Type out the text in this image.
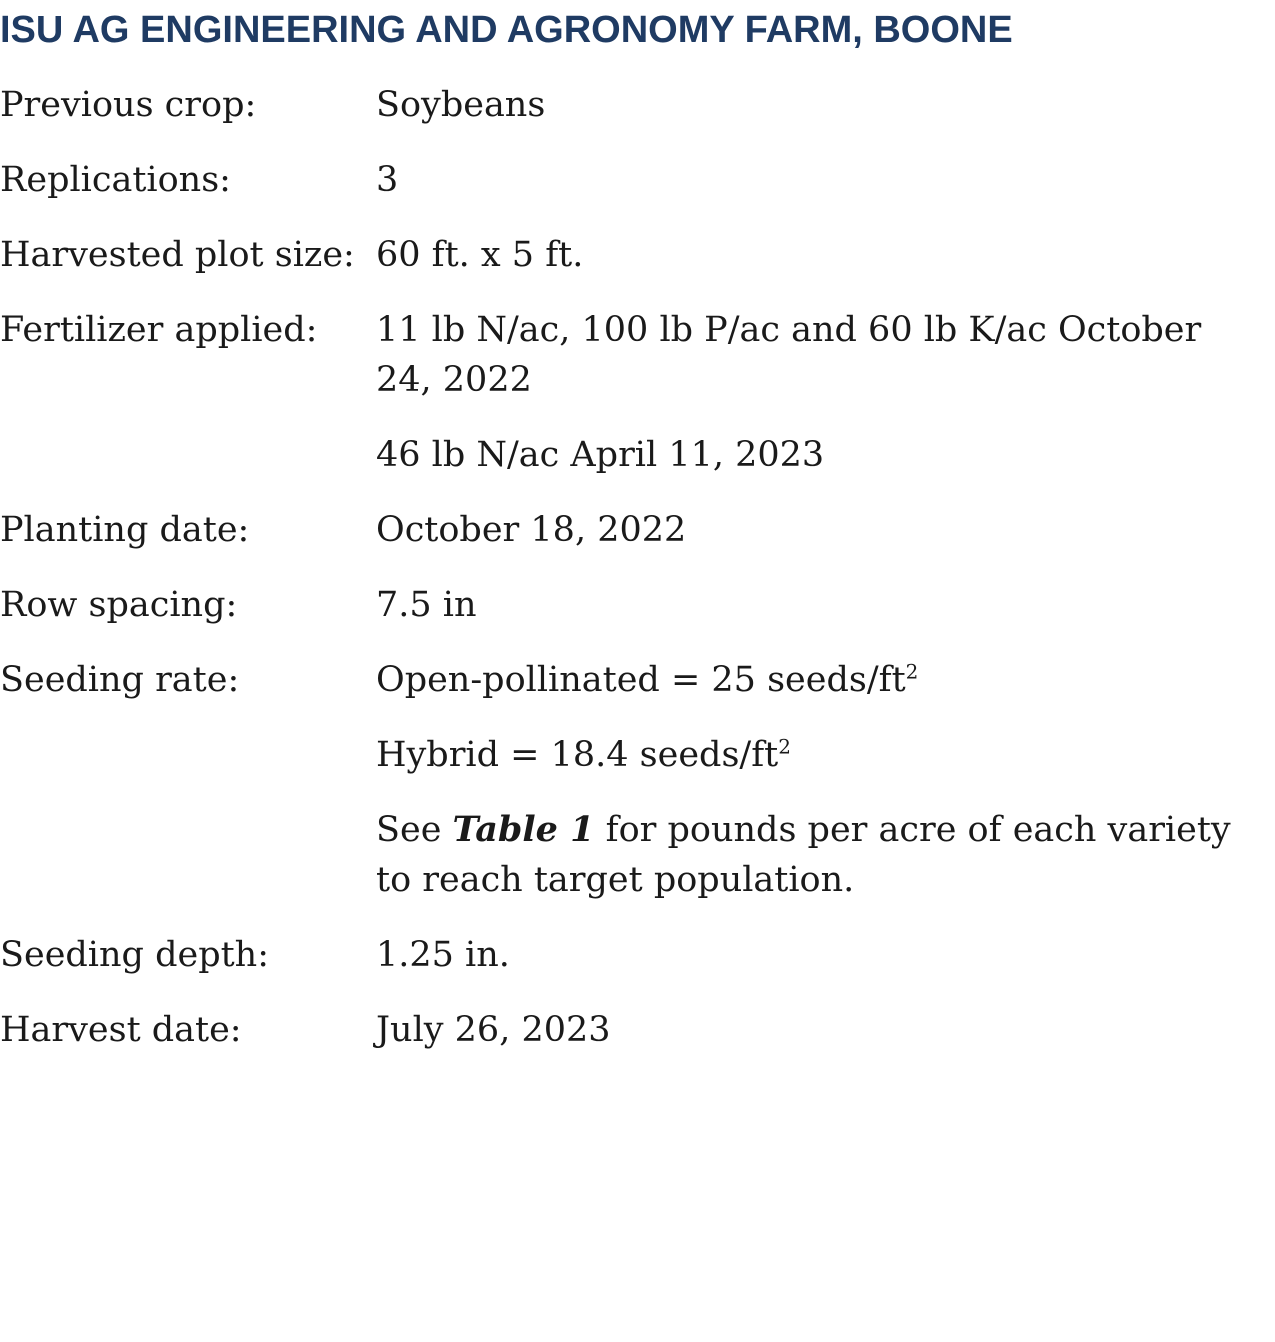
ISU AG ENGINEERING AND AGRONOMY FARM, BOONE
Previous crop:	Soybeans
Replications:	3
Harvested plot size: 60 ft. x 5 ft.
Fertilizer applied:	11 lb N/ac, 100 lb P/ac and 60 lb K/ac October 24, 2022
46 lb N/ac April 11, 2023
Planting date:	October 18, 2022
Row spacing:	7.5 in
Seeding rate:	Open-pollinated = 25 seeds/$ft^2$
Hybrid = 18.4 seeds/$ft^2$
See Table 1 for pounds per acre of each variety to reach target population.
Seeding depth:	1.25 in.
Harvest date:	July 26, 2023
